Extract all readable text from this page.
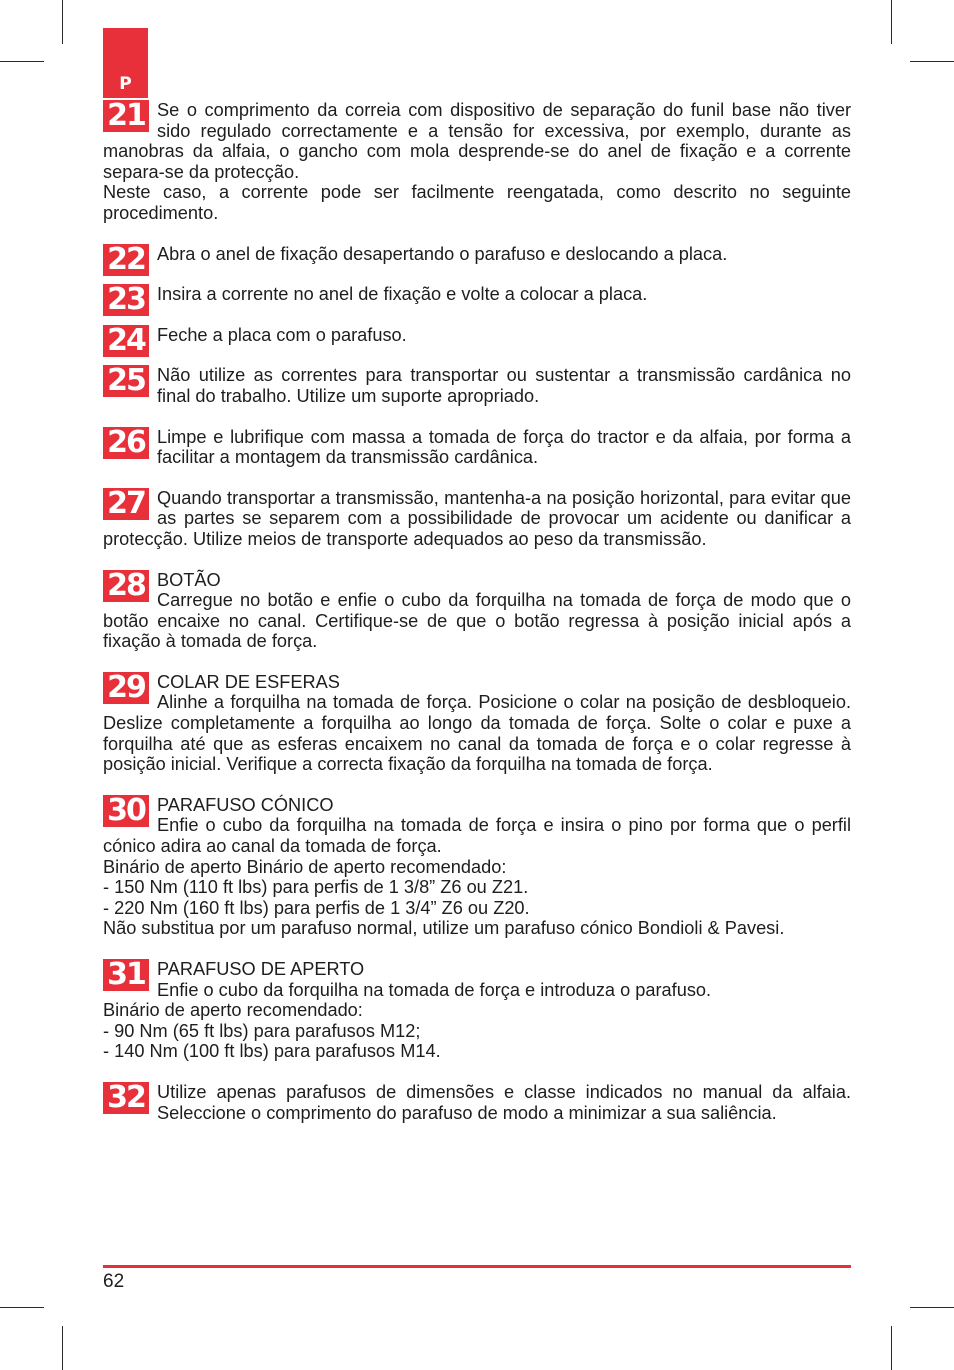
P
21 Se o comprimento da correia com dispositivo de separação do funil base não tiver sido regulado correctamente e a tensão for excessiva, por exemplo, durante as manobras da alfaia, o gancho com mola desprende-se do anel de fixação e a corrente separa-se da protecção.
Neste caso, a corrente pode ser facilmente reengatada, como descrito no seguinte procedimento.
22 Abra o anel de fixação desapertando o parafuso e deslocando a placa.
23 Insira a corrente no anel de fixação e volte a colocar a placa.
24 Feche a placa com o parafuso.
25 Não utilize as correntes para transportar ou sustentar a transmissão cardânica no final do trabalho. Utilize um suporte apropriado.
26 Limpe e lubrifique com massa a tomada de força do tractor e da alfaia, por forma a facilitar a montagem da transmissão cardânica.
27 Quando transportar a transmissão, mantenha-a na posição horizontal, para evitar que as partes se separem com a possibilidade de provocar um acidente ou danificar a protecção. Utilize meios de transporte adequados ao peso da transmissão.
28 BOTÃO
Carregue no botão e enfie o cubo da forquilha na tomada de força de modo que o botão encaixe no canal. Certifique-se de que o botão regressa à posição inicial após a fixação à tomada de força.
29 COLAR DE ESFERAS
Alinhe a forquilha na tomada de força. Posicione o colar na posição de desbloqueio. Deslize completamente a forquilha ao longo da tomada de força. Solte o colar e puxe a forquilha até que as esferas encaixem no canal da tomada de força e o colar regresse à posição inicial. Verifique a correcta fixação da forquilha na tomada de força.
30 PARAFUSO CÓNICO
Enfie o cubo da forquilha na tomada de força e insira o pino por forma que o perfil cónico adira ao canal da tomada de força.
Binário de aperto Binário de aperto recomendado:
- 150 Nm (110 ft lbs) para perfis de 1 3/8” Z6 ou Z21.
- 220 Nm (160 ft lbs) para perfis de 1 3/4” Z6 ou Z20.
Não substitua por um parafuso normal, utilize um parafuso cónico Bondioli & Pavesi.
31 PARAFUSO DE APERTO
Enfie o cubo da forquilha na tomada de força e introduza o parafuso.
Binário de aperto recomendado:
- 90 Nm (65 ft lbs) para parafusos M12;
- 140 Nm (100 ft lbs) para parafusos M14.
32 Utilize apenas parafusos de dimensões e classe indicados no manual da alfaia. Seleccione o comprimento do parafuso de modo a minimizar a sua saliência.
62
